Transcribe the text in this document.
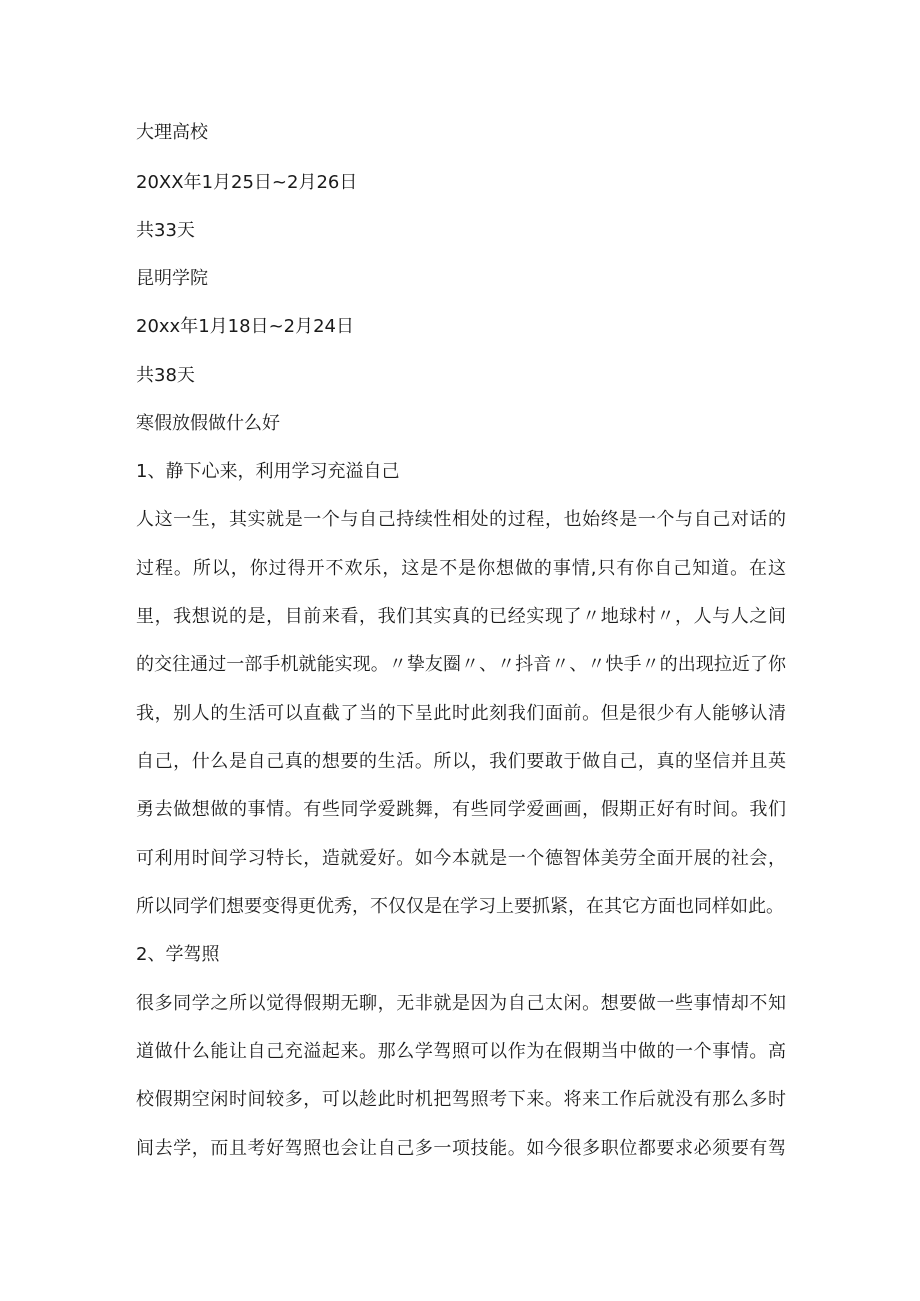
大理高校

20XX年1月25日~2月26日

共33天

昆明学院

20xx年1月18日~2月24日

共38天

寒假放假做什么好

1、静下心来，利用学习充溢自己

人这一生，其实就是一个与自己持续性相处的过程，也始终是一个与自己对话的

过程。所以，你过得开不欢乐，这是不是你想做的事情,只有你自己知道。在这

里，我想说的是，目前来看，我们其实真的已经实现了〃地球村〃，人与人之间

的交往通过一部手机就能实现。〃挚友圈〃、〃抖音〃、〃快手〃的出现拉近了你

我，别人的生活可以直截了当的下呈此时此刻我们面前。但是很少有人能够认清

自己，什么是自己真的想要的生活。所以，我们要敢于做自己，真的坚信并且英

勇去做想做的事情。有些同学爱跳舞，有些同学爱画画，假期正好有时间。我们

可利用时间学习特长，造就爱好。如今本就是一个德智体美劳全面开展的社会，

所以同学们想要变得更优秀，不仅仅是在学习上要抓紧，在其它方面也同样如此。

2、学驾照

很多同学之所以觉得假期无聊，无非就是因为自己太闲。想要做一些事情却不知

道做什么能让自己充溢起来。那么学驾照可以作为在假期当中做的一个事情。高

校假期空闲时间较多，可以趁此时机把驾照考下来。将来工作后就没有那么多时

间去学，而且考好驾照也会让自己多一项技能。如今很多职位都要求必须要有驾
